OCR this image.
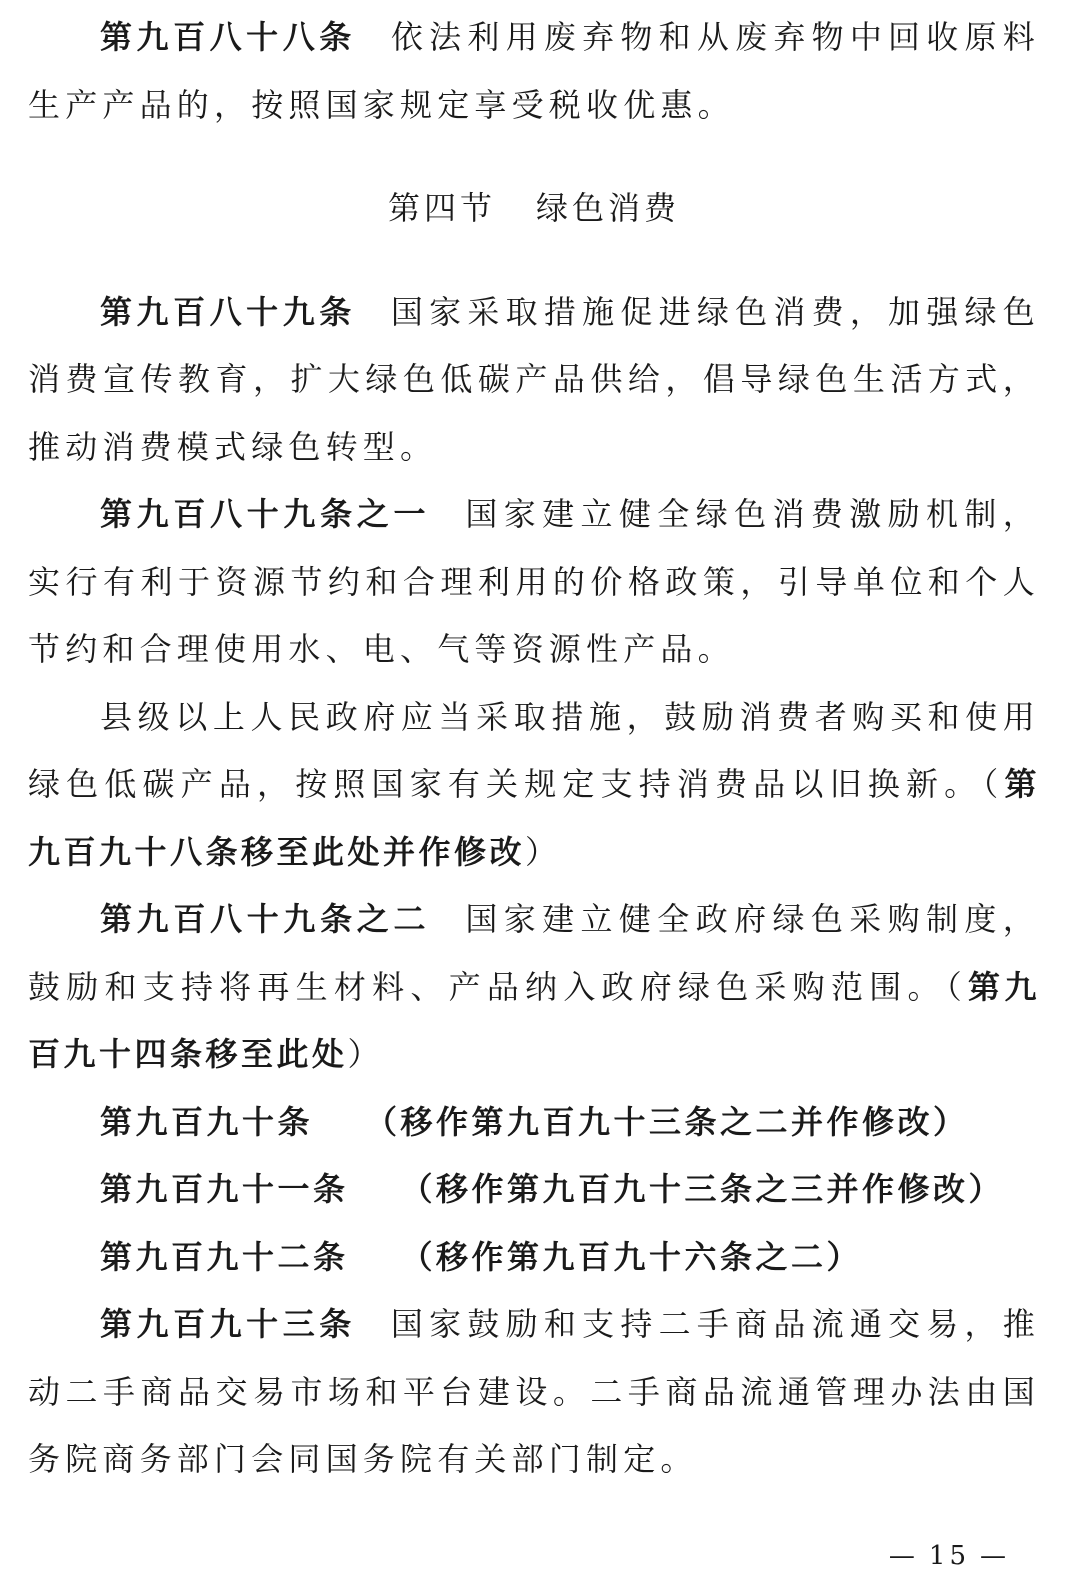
第九百八十八条 依法利用废弃物和从废弃物中回收原料生产产品的，按照国家规定享受税收优惠。

第四节 绿色消费

第九百八十九条 国家采取措施促进绿色消费，加强绿色消费宣传教育，扩大绿色低碳产品供给，倡导绿色生活方式，推动消费模式绿色转型。

第九百八十九条之一 国家建立健全绿色消费激励机制，实行有利于资源节约和合理利用的价格政策，引导单位和个人节约和合理使用水、电、气等资源性产品。

县级以上人民政府应当采取措施，鼓励消费者购买和使用绿色低碳产品，按照国家有关规定支持消费品以旧换新。（第九百九十八条移至此处并作修改）

第九百八十九条之二 国家建立健全政府绿色采购制度，鼓励和支持将再生材料、产品纳入政府绿色采购范围。（第九百九十四条移至此处）

第九百九十条 （移作第九百九十三条之二并作修改）

第九百九十一条 （移作第九百九十三条之三并作修改）

第九百九十二条 （移作第九百九十六条之二）

第九百九十三条 国家鼓励和支持二手商品流通交易，推动二手商品交易市场和平台建设。二手商品流通管理办法由国务院商务部门会同国务院有关部门制定。

— 15 —
